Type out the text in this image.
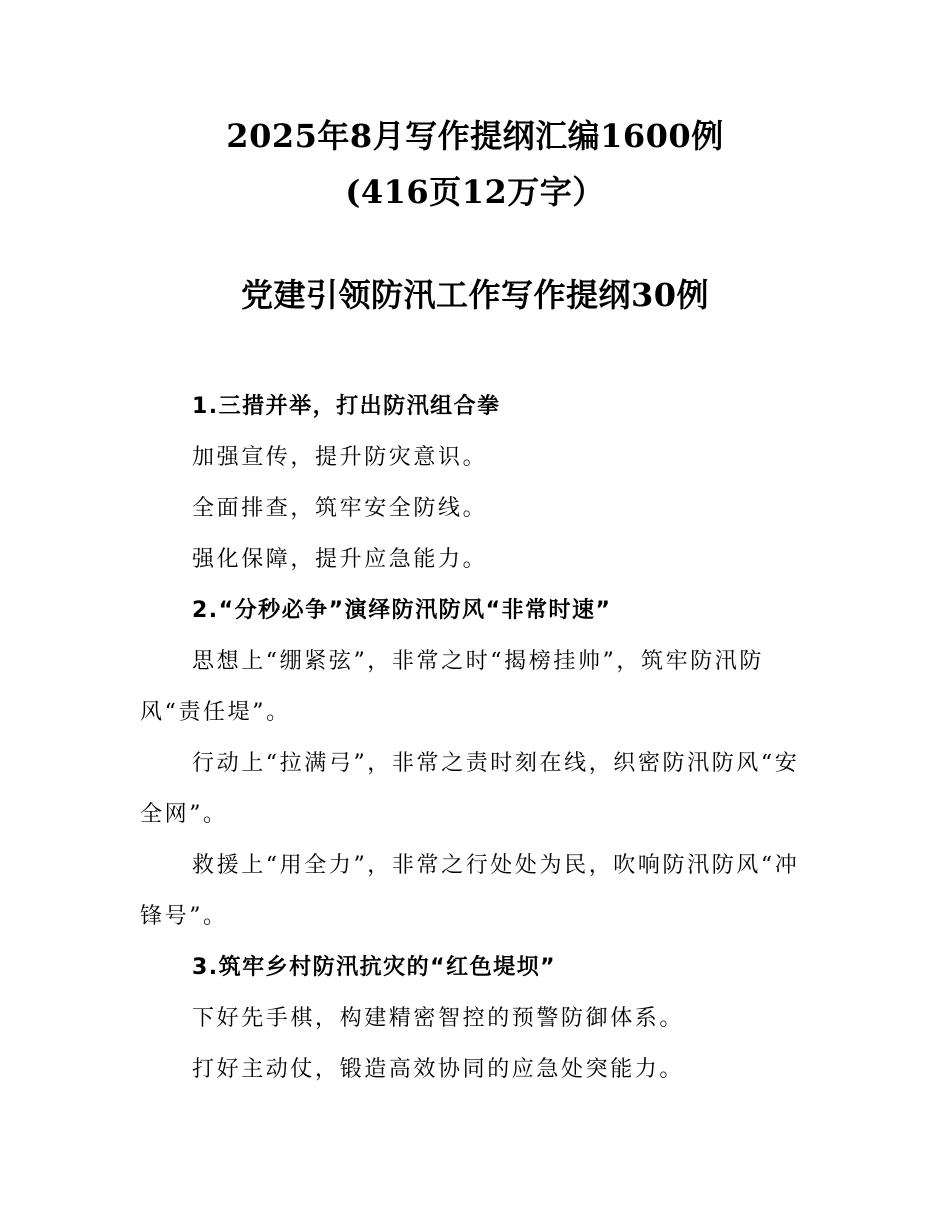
2025年8月写作提纲汇编1600例
(416页12万字）
党建引领防汛工作写作提纲30例

1.三措并举，打出防汛组合拳

加强宣传，提升防灾意识。

全面排查，筑牢安全防线。

强化保障，提升应急能力。

2.“分秒必争”演绎防汛防风“非常时速”

思想上“绷紧弦”，非常之时“揭榜挂帅”，筑牢防汛防风“责任堤”。

行动上“拉满弓”，非常之责时刻在线，织密防汛防风“安全网”。

救援上“用全力”，非常之行处处为民，吹响防汛防风“冲锋号”。

3.筑牢乡村防汛抗灾的“红色堤坝”

下好先手棋，构建精密智控的预警防御体系。

打好主动仗，锻造高效协同的应急处突能力。
